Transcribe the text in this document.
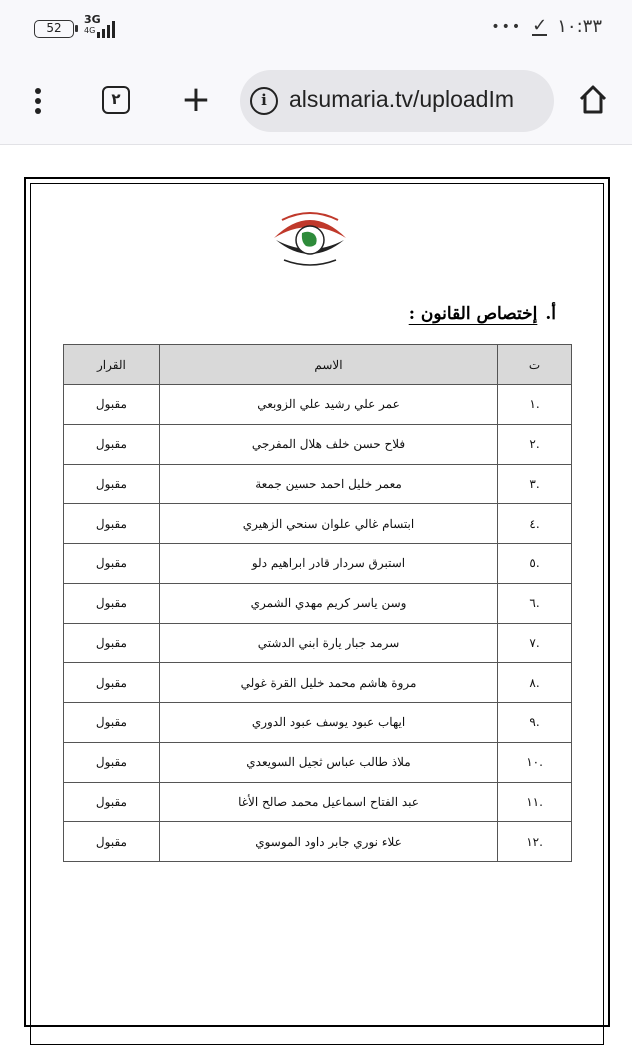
52
3G
4G	••• ✓ ١٠:٣٣
٢ +	i alsumaria.tv/uploadIm
أ.
إختصاص القانون :
ت	الاسم	القرار
.١	عمر علي رشيد علي الزوبعي	مقبول
.٢	فلاح حسن خلف هلال المفرجي	مقبول
.٣	معمر خليل احمد حسين جمعة	مقبول
.٤	ابتسام غالي علوان سنحي الزهيري	مقبول
.٥	استبرق سردار قادر ابراهيم دلو	مقبول
.٦	وسن ياسر كريم مهدي الشمري	مقبول
.٧	سرمد جبار يارة ابني الدشتي	مقبول
.٨	مروة هاشم محمد خليل القرة غولي	مقبول
.٩	ايهاب عبود يوسف عبود الدوري	مقبول
.١٠	ملاذ طالب عباس ثجيل السويعدي	مقبول
.١١	عبد الفتاح اسماعيل محمد صالح الأغا	مقبول
.١٢	علاء نوري جابر داود الموسوي	مقبول
